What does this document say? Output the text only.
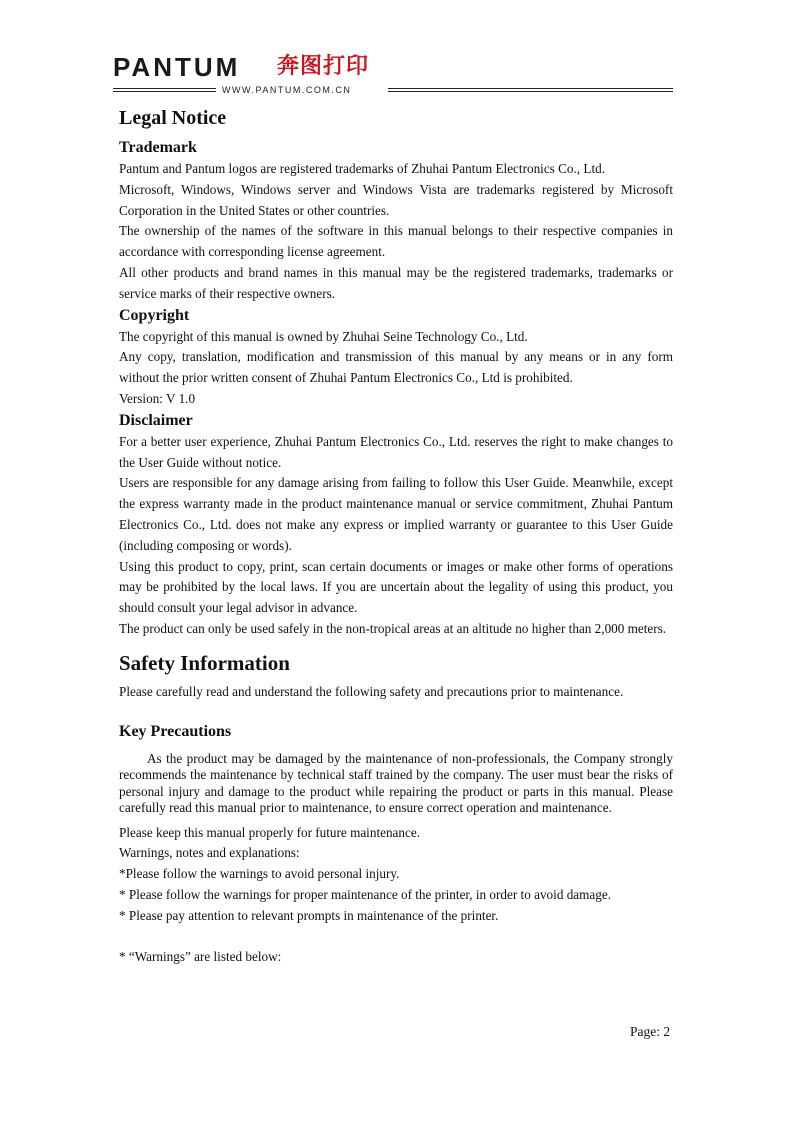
PANTUM 奔图打印
WWW.PANTUM.COM.CN
Legal Notice
Trademark

Pantum and Pantum logos are registered trademarks of Zhuhai Pantum Electronics Co., Ltd.

Microsoft, Windows, Windows server and Windows Vista are trademarks registered by Microsoft Corporation in the United States or other countries.

The ownership of the names of the software in this manual belongs to their respective companies in accordance with corresponding license agreement.

All other products and brand names in this manual may be the registered trademarks, trademarks or service marks of their respective owners.

Copyright

The copyright of this manual is owned by Zhuhai Seine Technology Co., Ltd.

Any copy, translation, modification and transmission of this manual by any means or in any form without the prior written consent of Zhuhai Pantum Electronics Co., Ltd is prohibited.

Version: V 1.0

Disclaimer

For a better user experience, Zhuhai Pantum Electronics Co., Ltd. reserves the right to make changes to the User Guide without notice.

Users are responsible for any damage arising from failing to follow this User Guide. Meanwhile, except the express warranty made in the product maintenance manual or service commitment, Zhuhai Pantum Electronics Co., Ltd. does not make any express or implied warranty or guarantee to this User Guide (including composing or words).

Using this product to copy, print, scan certain documents or images or make other forms of operations may be prohibited by the local laws. If you are uncertain about the legality of using this product, you should consult your legal advisor in advance.

The product can only be used safely in the non-tropical areas at an altitude no higher than 2,000 meters.

Safety Information

Please carefully read and understand the following safety and precautions prior to maintenance.

Key Precautions

As the product may be damaged by the maintenance of non-professionals, the Company strongly recommends the maintenance by technical staff trained by the company. The user must bear the risks of personal injury and damage to the product while repairing the product or parts in this manual. Please carefully read this manual prior to maintenance, to ensure correct operation and maintenance.

Please keep this manual properly for future maintenance.

Warnings, notes and explanations:

*Please follow the warnings to avoid personal injury.

* Please follow the warnings for proper maintenance of the printer, in order to avoid damage.

* Please pay attention to relevant prompts in maintenance of the printer.

* “Warnings” are listed below:

Page: 2
